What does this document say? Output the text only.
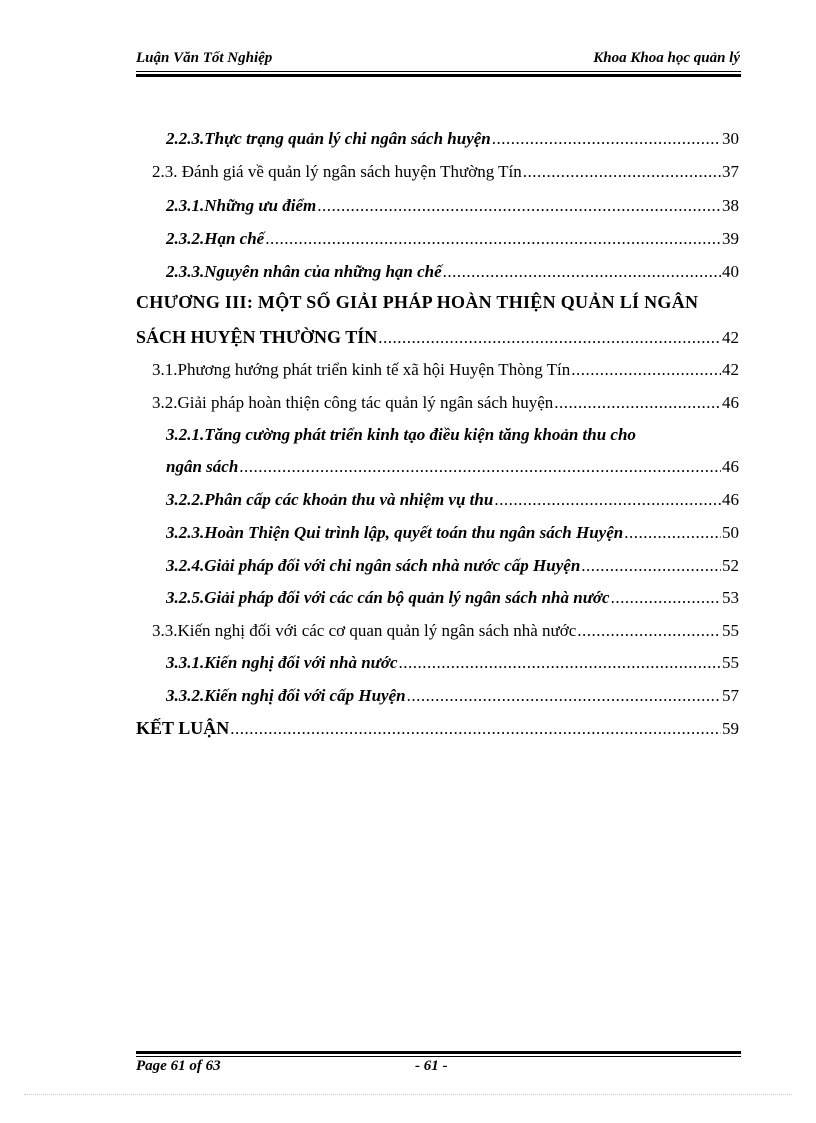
Luận Văn Tốt Nghiệp	Khoa Khoa học quản lý
2.2.3.Thực trạng quản lý chi ngân sách huyện .....	30
2.3. Đánh giá về quản lý ngân sách huyện Thường Tín .....	37
2.3.1.Những ưu điểm .....	38
2.3.2.Hạn chế .....	39
2.3.3.Nguyên nhân của những hạn chế .....	40
CHƯƠNG III: MỘT SỐ GIẢI PHÁP HOÀN THIỆN QUẢN LÍ NGÂN
SÁCH HUYỆN THƯỜNG TÍN .....	42
3.1.Phương hướng phát triển kinh tế xã hội Huyện Thòng Tín .....	42
3.2.Giải pháp hoàn thiện công tác quản lý ngân sách huyện .....	46
3.2.1.Tăng cường phát triển kinh tạo điều kiện tăng khoản thu cho
ngân sách .....	46
3.2.2.Phân cấp các khoản thu và nhiệm vụ thu .....	46
3.2.3.Hoàn Thiện Qui trình lập, quyết toán thu ngân sách Huyện .....	50
3.2.4.Giải pháp đối với chi ngân sách nhà nước cấp Huyện .....	52
3.2.5.Giải pháp đối với các cán bộ quản lý ngân sách nhà nước .....	53
3.3.Kiến nghị đối với các cơ quan quản lý ngân sách nhà nước .....	55
3.3.1.Kiến nghị đối với nhà nước .....	55
3.3.2.Kiến nghị đối với cấp Huyện .....	57
KẾT LUẬN .....	59
Page 61 of 63	- 61 -
